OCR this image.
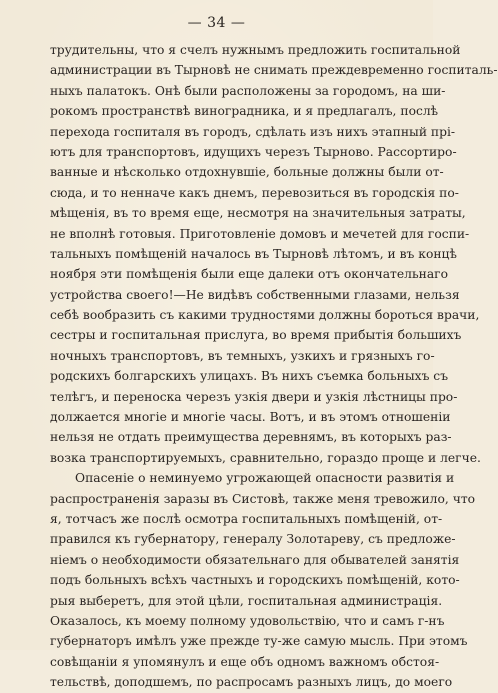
— 34 —
трудительны, что я счелъ нужнымъ предложить госпитальной
администрации въ Тырновѣ не снимать преждевременно госпиталь-
ныхъ палатокъ. Онѣ были расположены за городомъ, на ши-
рокомъ пространствѣ виноградника, и я предлагалъ, послѣ
перехода госпиталя въ городъ, сдѣлать изъ нихъ этапный прі-
ютъ для транспортовъ, идущихъ черезъ Тырново. Расcортиро-
ванные и нѣсколько отдохнувшіе, больные должны были от-
сюда, и то ненначе какъ днемъ, перевозиться въ городскія по-
мѣщенія, въ то время еще, несмотря на значительныя затраты,
не вполнѣ готовыя. Приготовленіе домовъ и мечетей для госпи-
тальныхъ помѣщеній началось въ Тырновѣ лѣтомъ, и въ концѣ
ноября эти помѣщенія были еще далеки отъ окончательнаго
устройства своего!—Не видѣвъ собственными глазами, нельзя
себѣ вообразить съ какими трудностями должны бороться врачи,
сестры и госпитальная прислуга, во время прибытія большихъ
ночныхъ транспортовъ, въ темныхъ, узкихъ и грязныхъ го-
родскихъ болгарскихъ улицахъ. Въ нихъ съемка больныхъ съ
телѣгъ, и переноска черезъ узкія двери и узкія лѣстницы про-
должается многіе и многіе часы. Вотъ, и въ этомъ отношеніи
нельзя не отдать преимущества деревнямъ, въ которыхъ раз-
возка транспортируемыхъ, сравнительно, гораздо проще и легче.
Опасеніе о неминуемо угрожающей опасности развитія и
распространенія заразы въ Систовѣ, также меня тревожило, что
я, тотчасъ же послѣ осмотра госпитальныхъ помѣщеній, от-
правился къ губернатору, генералу Золотареву, съ предложе-
ніемъ о необходимости обязательнаго для обывателей занятія
подъ больныхъ всѣхъ частныхъ и городскихъ помѣщеній, кото-
рыя выберетъ, для этой цѣли, госпитальная администрація.
Оказалось, къ моему полному удовольствію, что и самъ г-нъ
губернаторъ имѣлъ уже прежде ту-же самую мысль. При этомъ
совѣщаніи я упомянулъ и еще объ одномъ важномъ обстоя-
тельствѣ, доподшемъ, по распросамъ разныхъ лицъ, до моего
